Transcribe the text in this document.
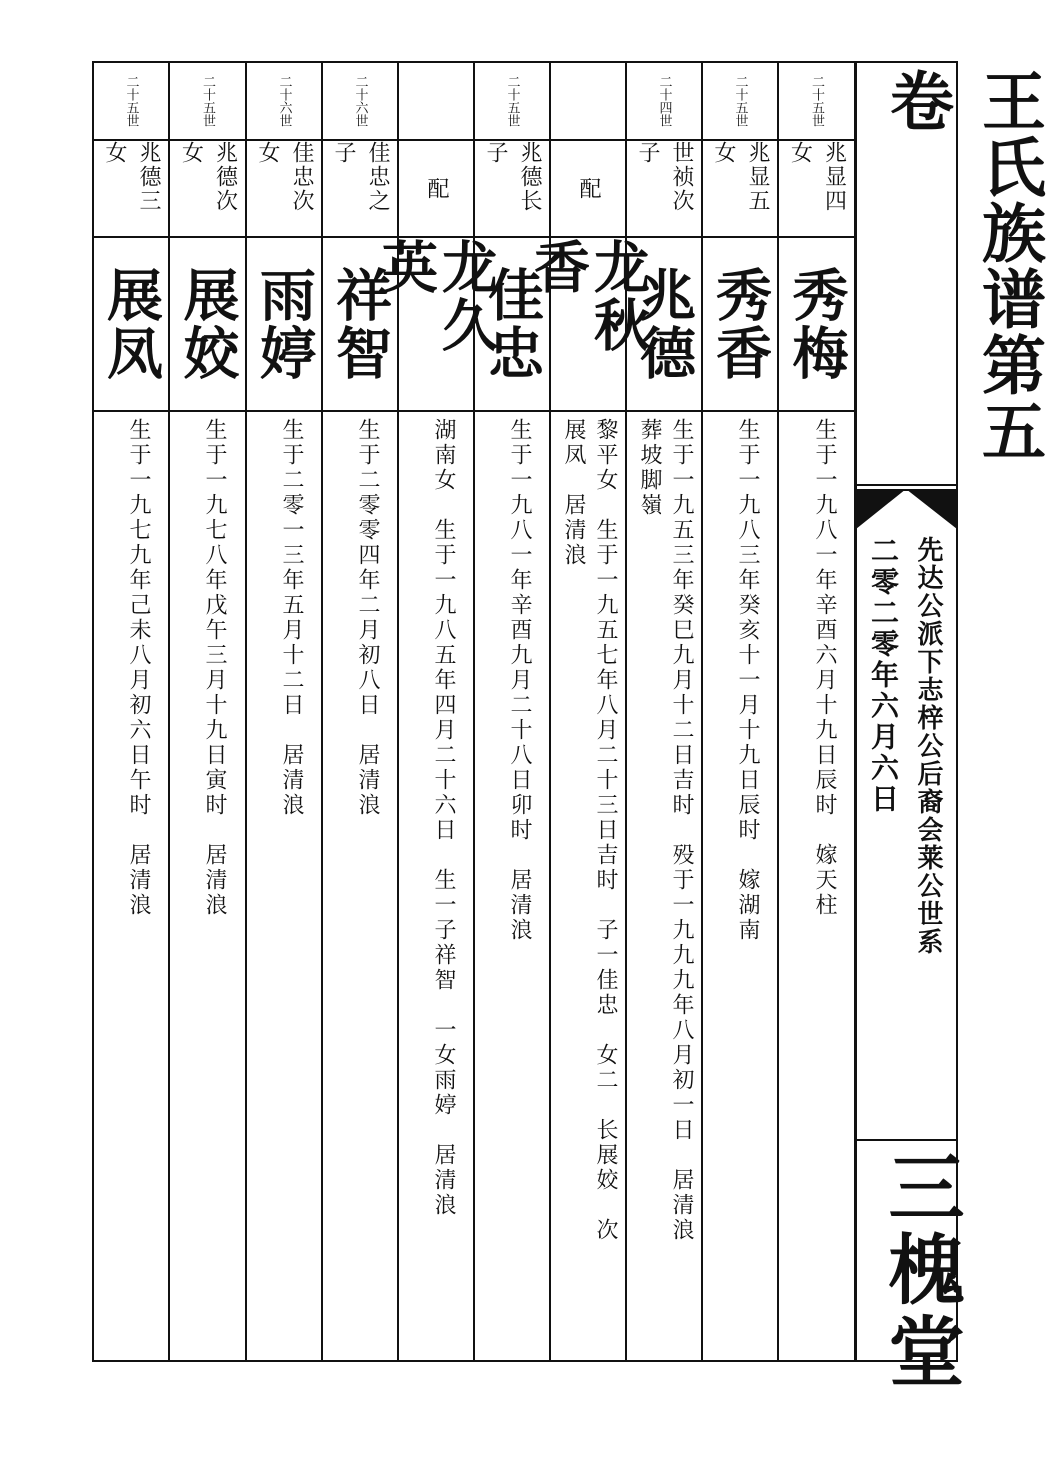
王氏族谱第五卷
先达公派下志梓公后裔会莱公世系
二零二零年六月六日
三槐堂
二十五世
兆显四女
秀梅
生于一九八一年辛酉六月十九日辰时　嫁天柱
二十五世
兆显五女
秀香
生于一九八三年癸亥十一月十九日辰时　嫁湖南
二十四世
世祯次子
兆德
生于一九五三年癸巳九月十二日吉时　殁于一九九九年八月初一日　居清浪
葬坡脚嶺
配
龙秋香
黎平女　生于一九五七年八月二十三日吉时　子一佳忠　女二　长展姣　次
展凤　居清浪
二十五世
兆德长子
佳忠
生于一九八一年辛酉九月二十八日卯时　居清浪
配
龙久英
湖南女　生于一九八五年四月二十六日　生一子祥智　一女雨婷　居清浪
二十六世
佳忠之子
祥智
生于二零零四年二月初八日　居清浪
二十六世
佳忠次女
雨婷
生于二零一三年五月十二日　居清浪
二十五世
兆德次女
展姣
生于一九七八年戊午三月十九日寅时　居清浪
二十五世
兆德三女
展凤
生于一九七九年己未八月初六日午时　居清浪
